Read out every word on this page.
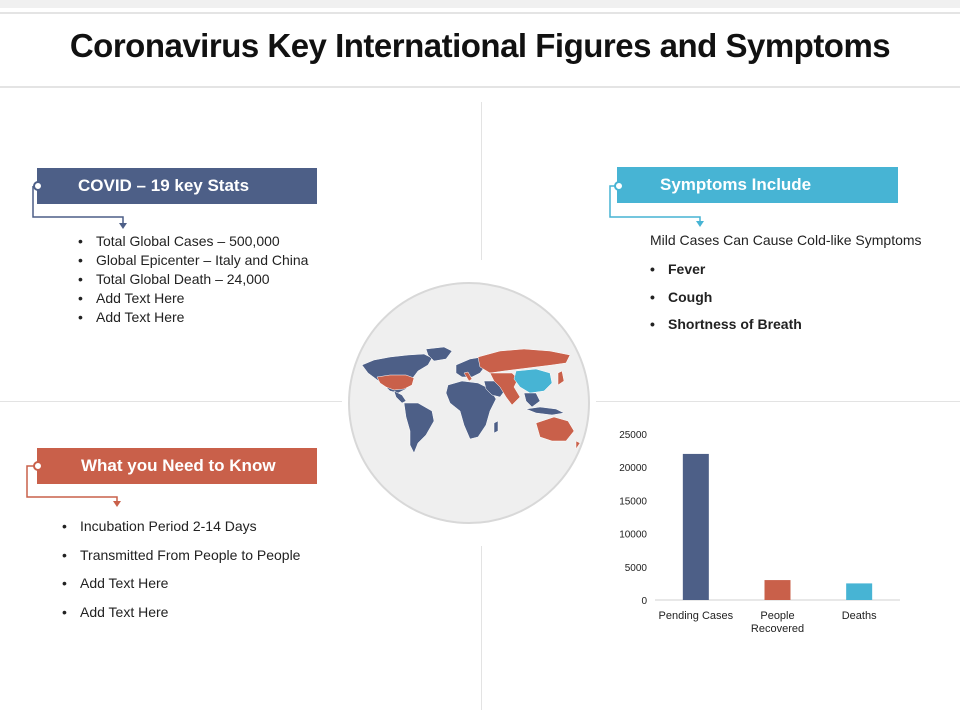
Coronavirus Key International Figures and Symptoms
COVID – 19 key Stats
• Total Global Cases – 500,000
• Global Epicenter – Italy and China
• Total Global Death – 24,000
• Add Text Here
• Add Text Here
Symptoms Include
Mild Cases Can Cause Cold-like Symptoms
• Fever
• Cough
• Shortness of Breath
What you Need to Know
• Incubation Period 2-14 Days
• Transmitted From People to People
• Add Text Here
• Add Text Here
0
5000
10000
15000
20000
25000
Pending Cases People
Recovered
Deaths
